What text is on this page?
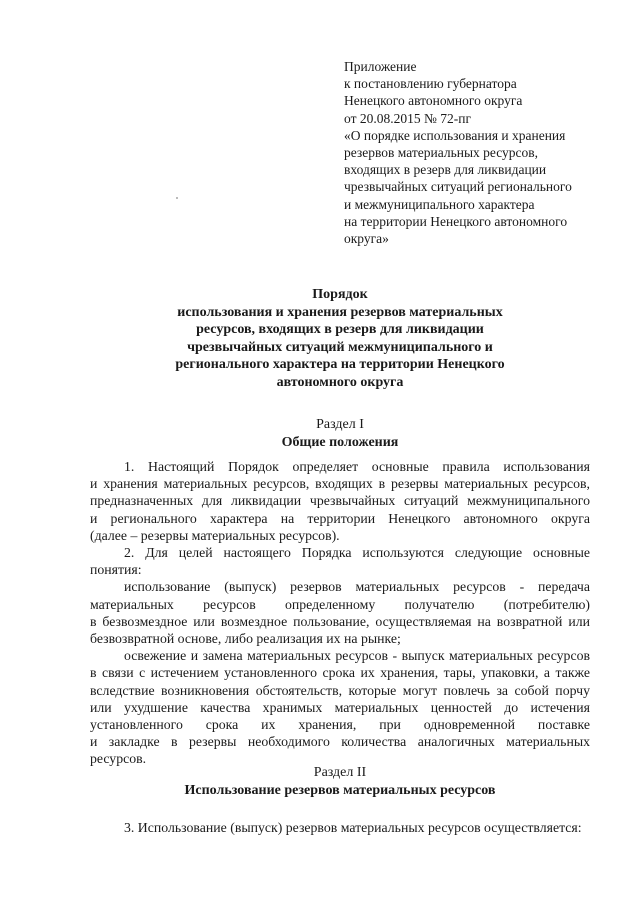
Приложение
к постановлению губернатора
Ненецкого автономного округа
от 20.08.2015 № 72-пг
«О порядке использования и хранения
резервов материальных ресурсов,
входящих в резерв для ликвидации
чрезвычайных ситуаций регионального
и межмуниципального характера
на территории Ненецкого автономного
округа»
Порядок
использования и хранения резервов материальных
ресурсов, входящих в резерв для ликвидации
чрезвычайных ситуаций межмуниципального и
регионального характера на территории Ненецкого
автономного округа
Раздел I
Общие положения
1. Настоящий Порядок определяет основные правила использования
и хранения материальных ресурсов, входящих в резервы материальных ресурсов,
предназначенных для ликвидации чрезвычайных ситуаций межмуниципального
и регионального характера на территории Ненецкого автономного округа
(далее – резервы материальных ресурсов).
2. Для целей настоящего Порядка используются следующие основные
понятия:
использование (выпуск) резервов материальных ресурсов - передача
материальных ресурсов определенному получателю (потребителю)
в безвозмездное или возмездное пользование, осуществляемая на возвратной или
безвозвратной основе, либо реализация их на рынке;
освежение и замена материальных ресурсов - выпуск материальных ресурсов
в связи с истечением установленного срока их хранения, тары, упаковки, а также
вследствие возникновения обстоятельств, которые могут повлечь за собой порчу
или ухудшение качества хранимых материальных ценностей до истечения
установленного срока их хранения, при одновременной поставке
и закладке в резервы необходимого количества аналогичных материальных
ресурсов.
Раздел II
Использование резервов материальных ресурсов
3. Использование (выпуск) резервов материальных ресурсов осуществляется:
